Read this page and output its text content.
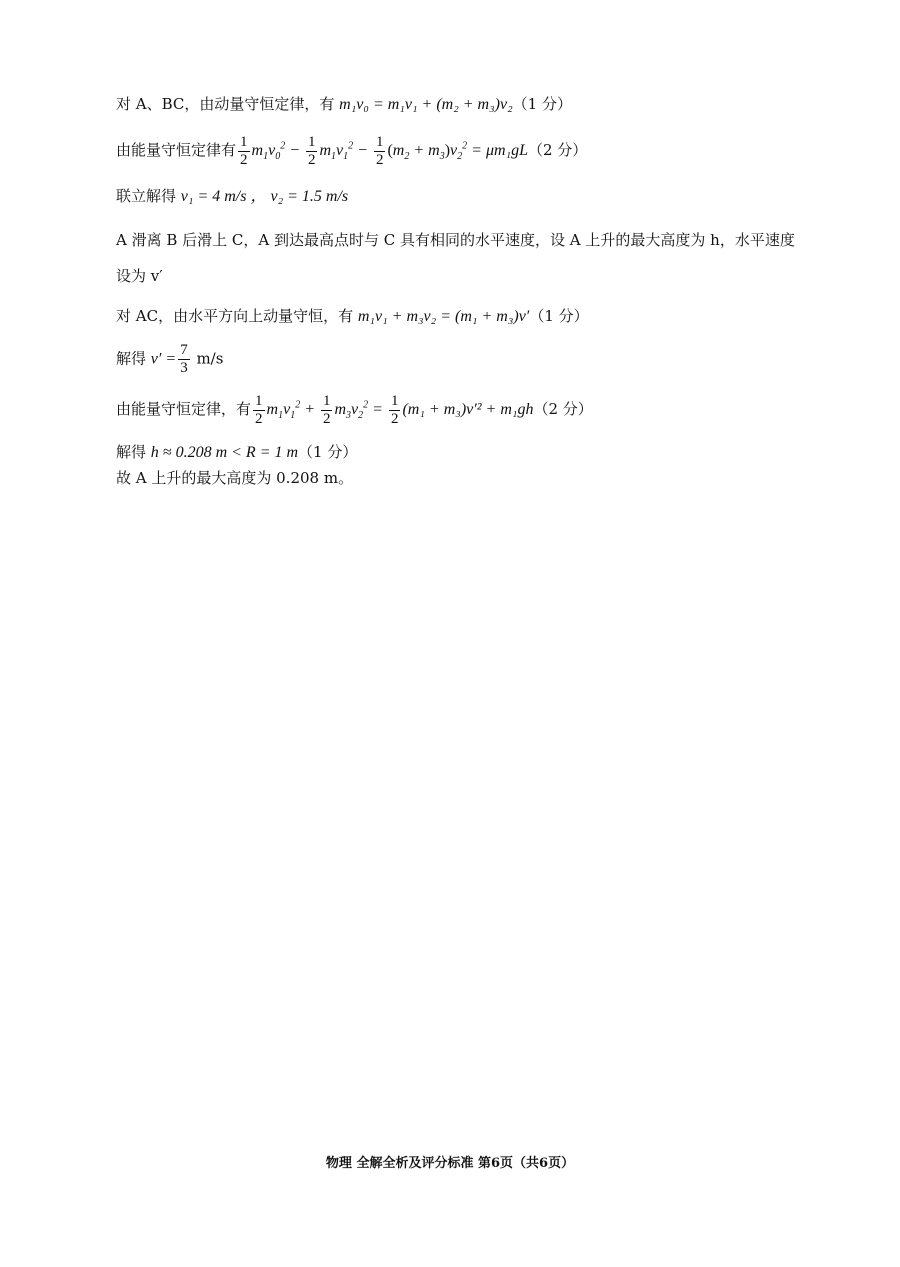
对 A、BC，由动量守恒定律，有 m₁v₀ = m₁v₁ + (m₂ + m₃)v₂（1 分）
由能量守恒定律有 $\frac{1}{2} m_1v_0^2 - \frac{1}{2} m_1v_1^2 - \frac{1}{2} (m_2 + m_3)v_2^2 = \mu m_1gL(2$ 分）
联立解得 v₁ = 4 m/s ， v₂ = 1.5 m/s
A 滑离 B 后滑上 C，A 到达最高点时与 C 具有相同的水平速度，设 A 上升的最大高度为 h，水平速度
设为 v′
对 AC，由水平方向上动量守恒，有 m₁v₁ + m₃v₂ = (m₁ + m₃)v′（1 分）
解得 $v' = \frac{7}{3} m/s$
由能量守恒定律，有 $\frac{1}{2} m_1v_1^2 + \frac{1}{2} m_3v_2^2 = \frac{1}{2} (m_1 + m_3)v'^2 + m_1gh(2$ 分）
解得 h ≈ 0.208 m < R = 1 m（1 分）
故 A 上升的最大高度为 0.208 m。
物理 全解全析及评分标准 第6页（共6页）
